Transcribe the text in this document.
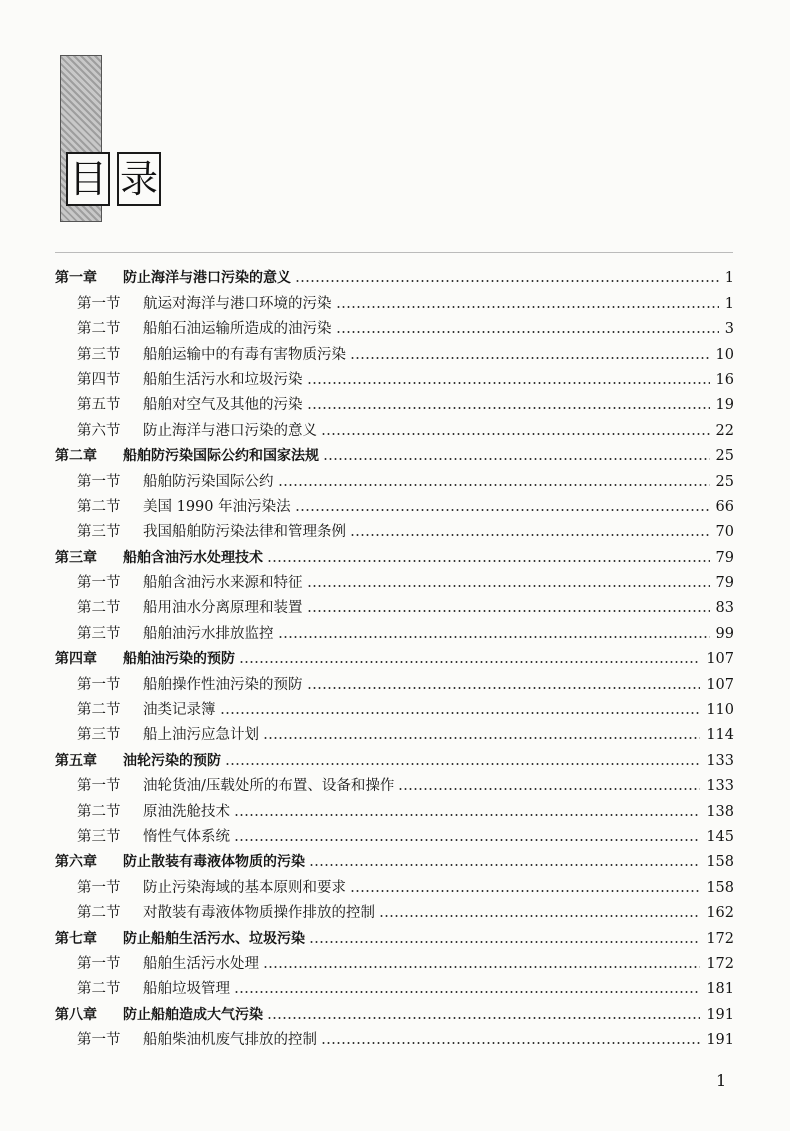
目 录
第一章	防止海洋与港口污染的意义	1
第一节	航运对海洋与港口环境的污染	1
第二节	船舶石油运输所造成的油污染	3
第三节	船舶运输中的有毒有害物质污染	10
第四节	船舶生活污水和垃圾污染	16
第五节	船舶对空气及其他的污染	19
第六节	防止海洋与港口污染的意义	22
第二章	船舶防污染国际公约和国家法规	25
第一节	船舶防污染国际公约	25
第二节	美国 1990 年油污染法	66
第三节	我国船舶防污染法律和管理条例	70
第三章	船舶含油污水处理技术	79
第一节	船舶含油污水来源和特征	79
第二节	船用油水分离原理和装置	83
第三节	船舶油污水排放监控	99
第四章	船舶油污染的预防	107
第一节	船舶操作性油污染的预防	107
第二节	油类记录簿	110
第三节	船上油污应急计划	114
第五章	油轮污染的预防	133
第一节	油轮货油/压载处所的布置、设备和操作	133
第二节	原油洗舱技术	138
第三节	惰性气体系统	145
第六章	防止散装有毒液体物质的污染	158
第一节	防止污染海域的基本原则和要求	158
第二节	对散装有毒液体物质操作排放的控制	162
第七章	防止船舶生活污水、垃圾污染	172
第一节	船舶生活污水处理	172
第二节	船舶垃圾管理	181
第八章	防止船舶造成大气污染	191
第一节	船舶柴油机废气排放的控制	191
1
